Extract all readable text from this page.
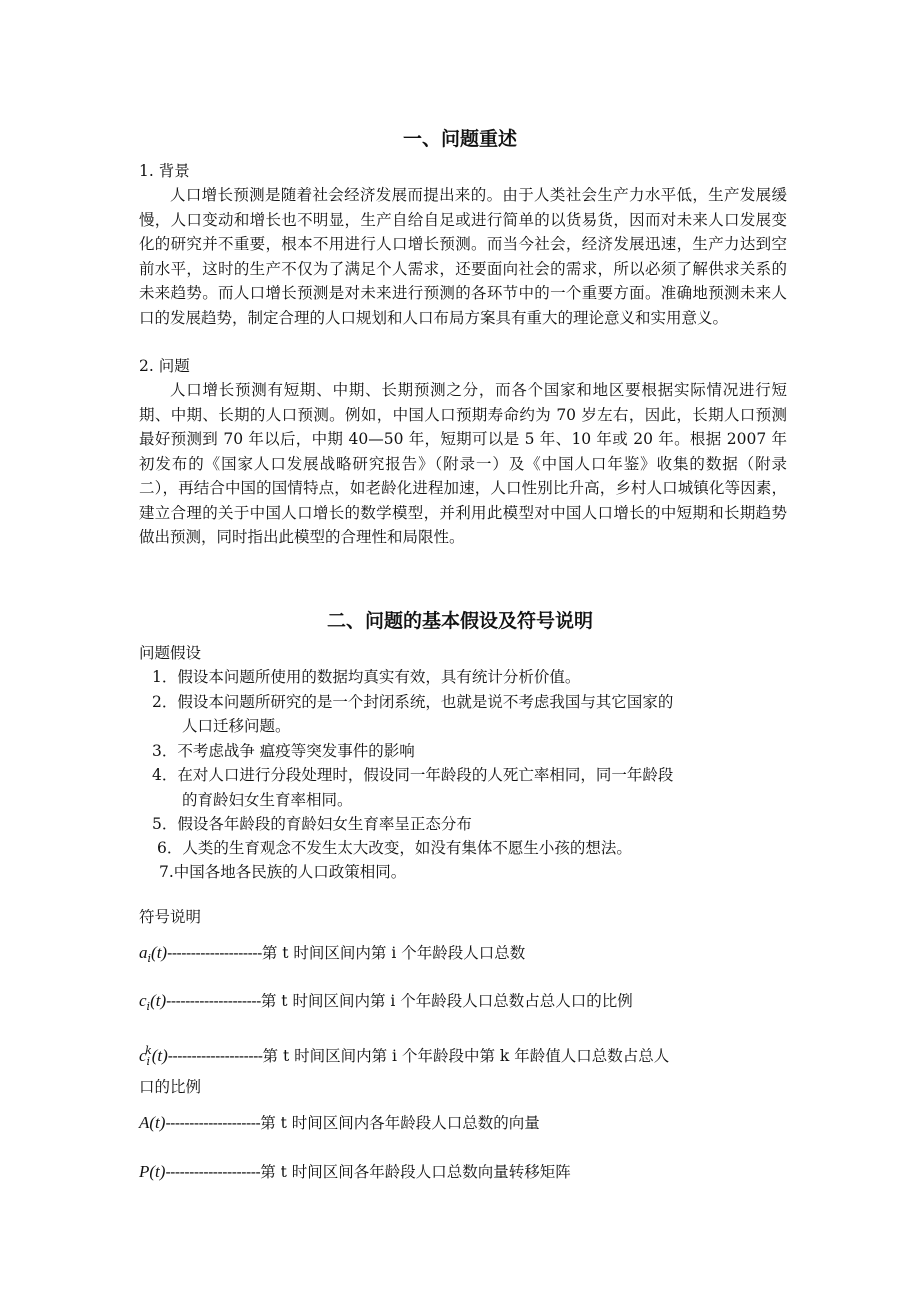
一、问题重述
1. 背景
人口增长预测是随着社会经济发展而提出来的。由于人类社会生产力水平低，生产发展缓慢，人口变动和增长也不明显，生产自给自足或进行简单的以货易货，因而对未来人口发展变化的研究并不重要，根本不用进行人口增长预测。而当今社会，经济发展迅速，生产力达到空前水平，这时的生产不仅为了满足个人需求，还要面向社会的需求，所以必须了解供求关系的未来趋势。而人口增长预测是对未来进行预测的各环节中的一个重要方面。准确地预测未来人口的发展趋势，制定合理的人口规划和人口布局方案具有重大的理论意义和实用意义。
2. 问题
人口增长预测有短期、中期、长期预测之分，而各个国家和地区要根据实际情况进行短期、中期、长期的人口预测。例如，中国人口预期寿命约为 70 岁左右，因此，长期人口预测最好预测到 70 年以后，中期 40—50 年，短期可以是 5 年、10 年或 20 年。根据 2007 年初发布的《国家人口发展战略研究报告》（附录一）及《中国人口年鉴》收集的数据（附录二），再结合中国的国情特点，如老龄化进程加速，人口性别比升高，乡村人口城镇化等因素，建立合理的关于中国人口增长的数学模型，并利用此模型对中国人口增长的中短期和长期趋势做出预测，同时指出此模型的合理性和局限性。
二、问题的基本假设及符号说明
问题假设
1．假设本问题所使用的数据均真实有效，具有统计分析价值。
2．假设本问题所研究的是一个封闭系统，也就是说不考虑我国与其它国家的
人口迁移问题。
3．不考虑战争 瘟疫等突发事件的影响
4．在对人口进行分段处理时，假设同一年龄段的人死亡率相同，同一年龄段
的育龄妇女生育率相同。
5．假设各年龄段的育龄妇女生育率呈正态分布
6．人类的生育观念不发生太大改变，如没有集体不愿生小孩的想法。
7.中国各地各民族的人口政策相同。
符号说明
$a_i(t)--------------------$第 t 时间区间内第 i 个年龄段人口总数
$c_i(t)--------------------$第 t 时间区间内第 i 个年龄段人口总数占总人口的比例
$c_i^k(t)--------------------$第 t 时间区间内第 i 个年龄段中第 k 年龄值人口总数占总人
口的比例
A(t)--------------------第 t 时间区间内各年龄段人口总数的向量
P(t)--------------------第 t 时间区间各年龄段人口总数向量转移矩阵
